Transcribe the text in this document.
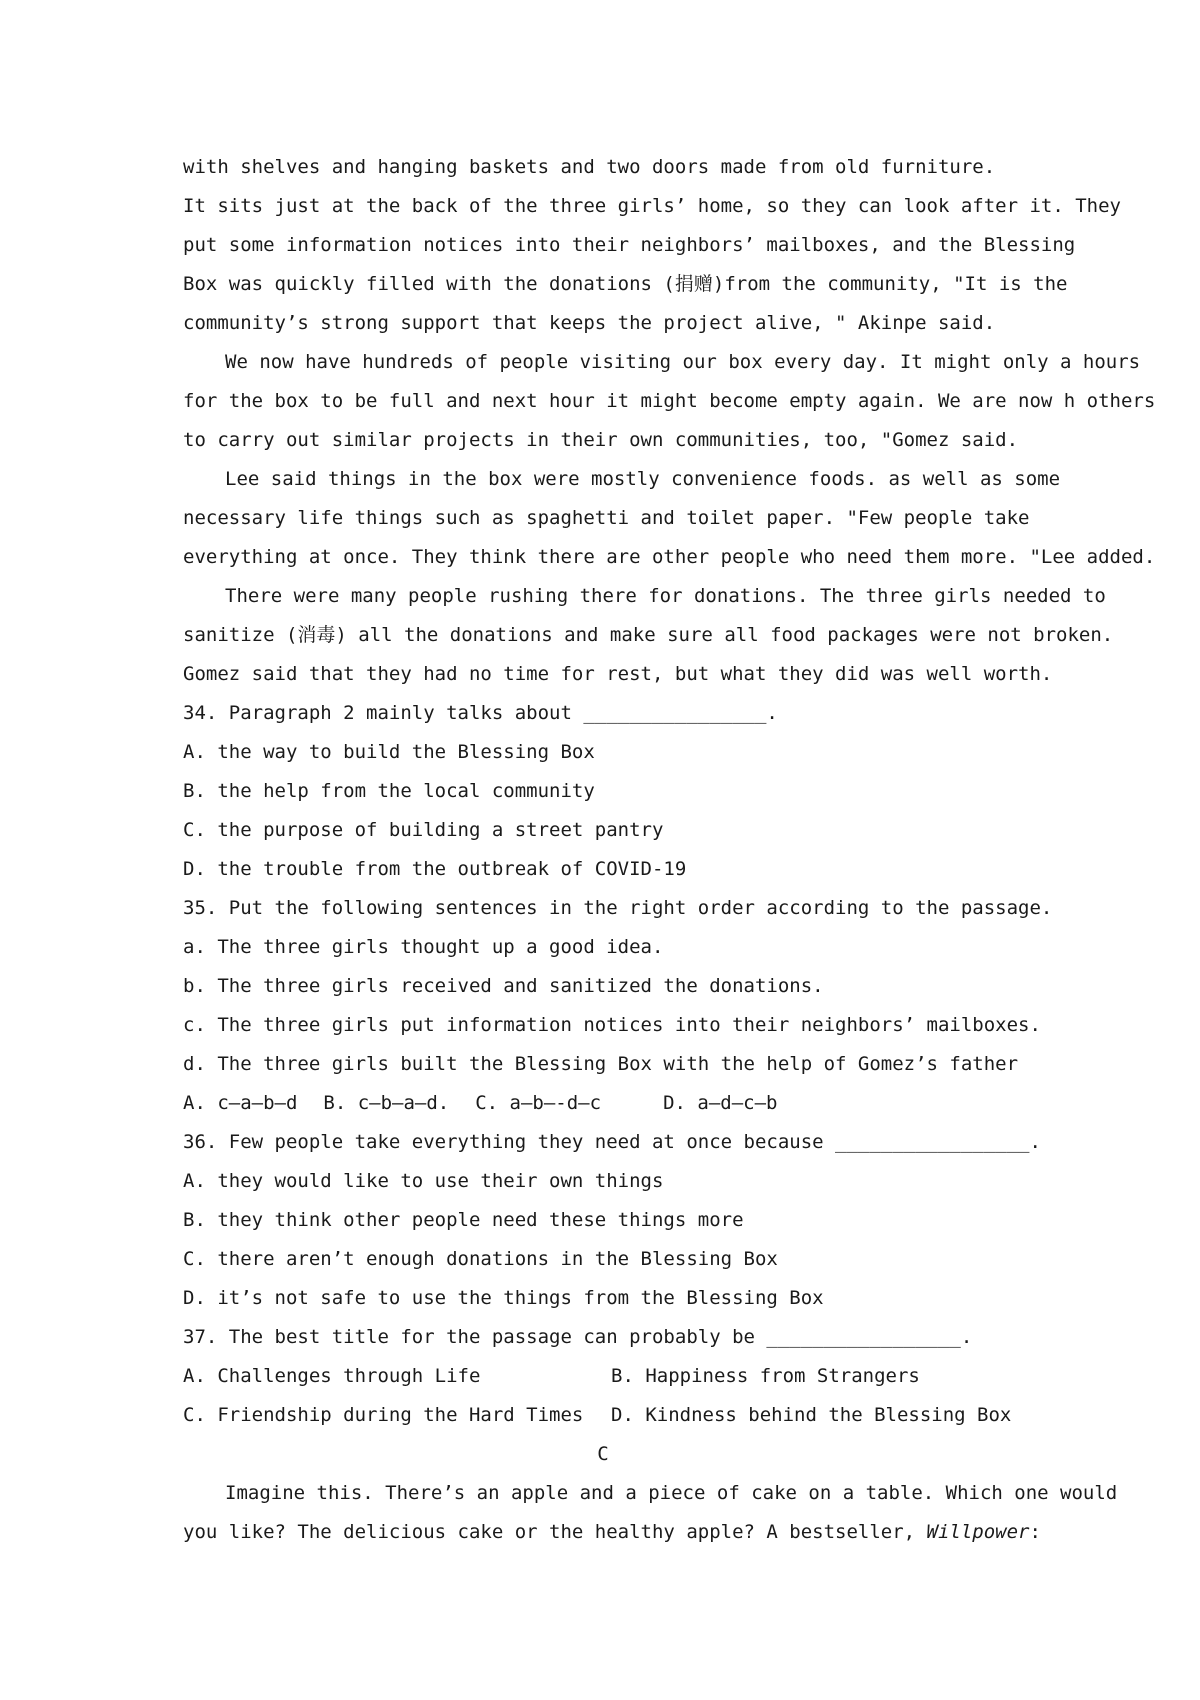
with shelves and hanging baskets and two doors made from old furniture.
It sits just at the back of the three girls’ home, so they can look after it. They
put some information notices into their neighbors’ mailboxes, and the Blessing
Box was quickly filled with the donations (捐赠)from the community, "It is the
community’s strong support that keeps the project alive, " Akinpe said.
We now have hundreds of people visiting our box every day. It might only a hours
for the box to be full and next hour it might become empty again. We are now h others
to carry out similar projects in their own communities, too, "Gomez said.
Lee said things in the box were mostly convenience foods. as well as some
necessary life things such as spaghetti and toilet paper. "Few people take
everything at once. They think there are other people who need them more. "Lee added.
There were many people rushing there for donations. The three girls needed to
sanitize (消毒) all the donations and make sure all food packages were not broken.
Gomez said that they had no time for rest, but what they did was well worth.
34. Paragraph 2 mainly talks about ________________.
A. the way to build the Blessing Box
B. the help from the local community
C. the purpose of building a street pantry
D. the trouble from the outbreak of COVID-19
35. Put the following sentences in the right order according to the passage.
a. The three girls thought up a good idea.
b. The three girls received and sanitized the donations.
c. The three girls put information notices into their neighbors’ mailboxes.
d. The three girls built the Blessing Box with the help of Gomez’s father
A. c—a—b—d B. c—b—a—d. C. a—b—-d—c	D. a—d—c—b
36. Few people take everything they need at once because _________________.
A. they would like to use their own things
B. they think other people need these things more
C. there aren’t enough donations in the Blessing Box
D. it’s not safe to use the things from the Blessing Box
37. The best title for the passage can probably be _________________.
A. Challenges through Life	B. Happiness from Strangers
C. Friendship during the Hard Times	D. Kindness behind the Blessing Box
C
Imagine this. There’s an apple and a piece of cake on a table. Which one would
you like? The delicious cake or the healthy apple? A bestseller, Willpower:
